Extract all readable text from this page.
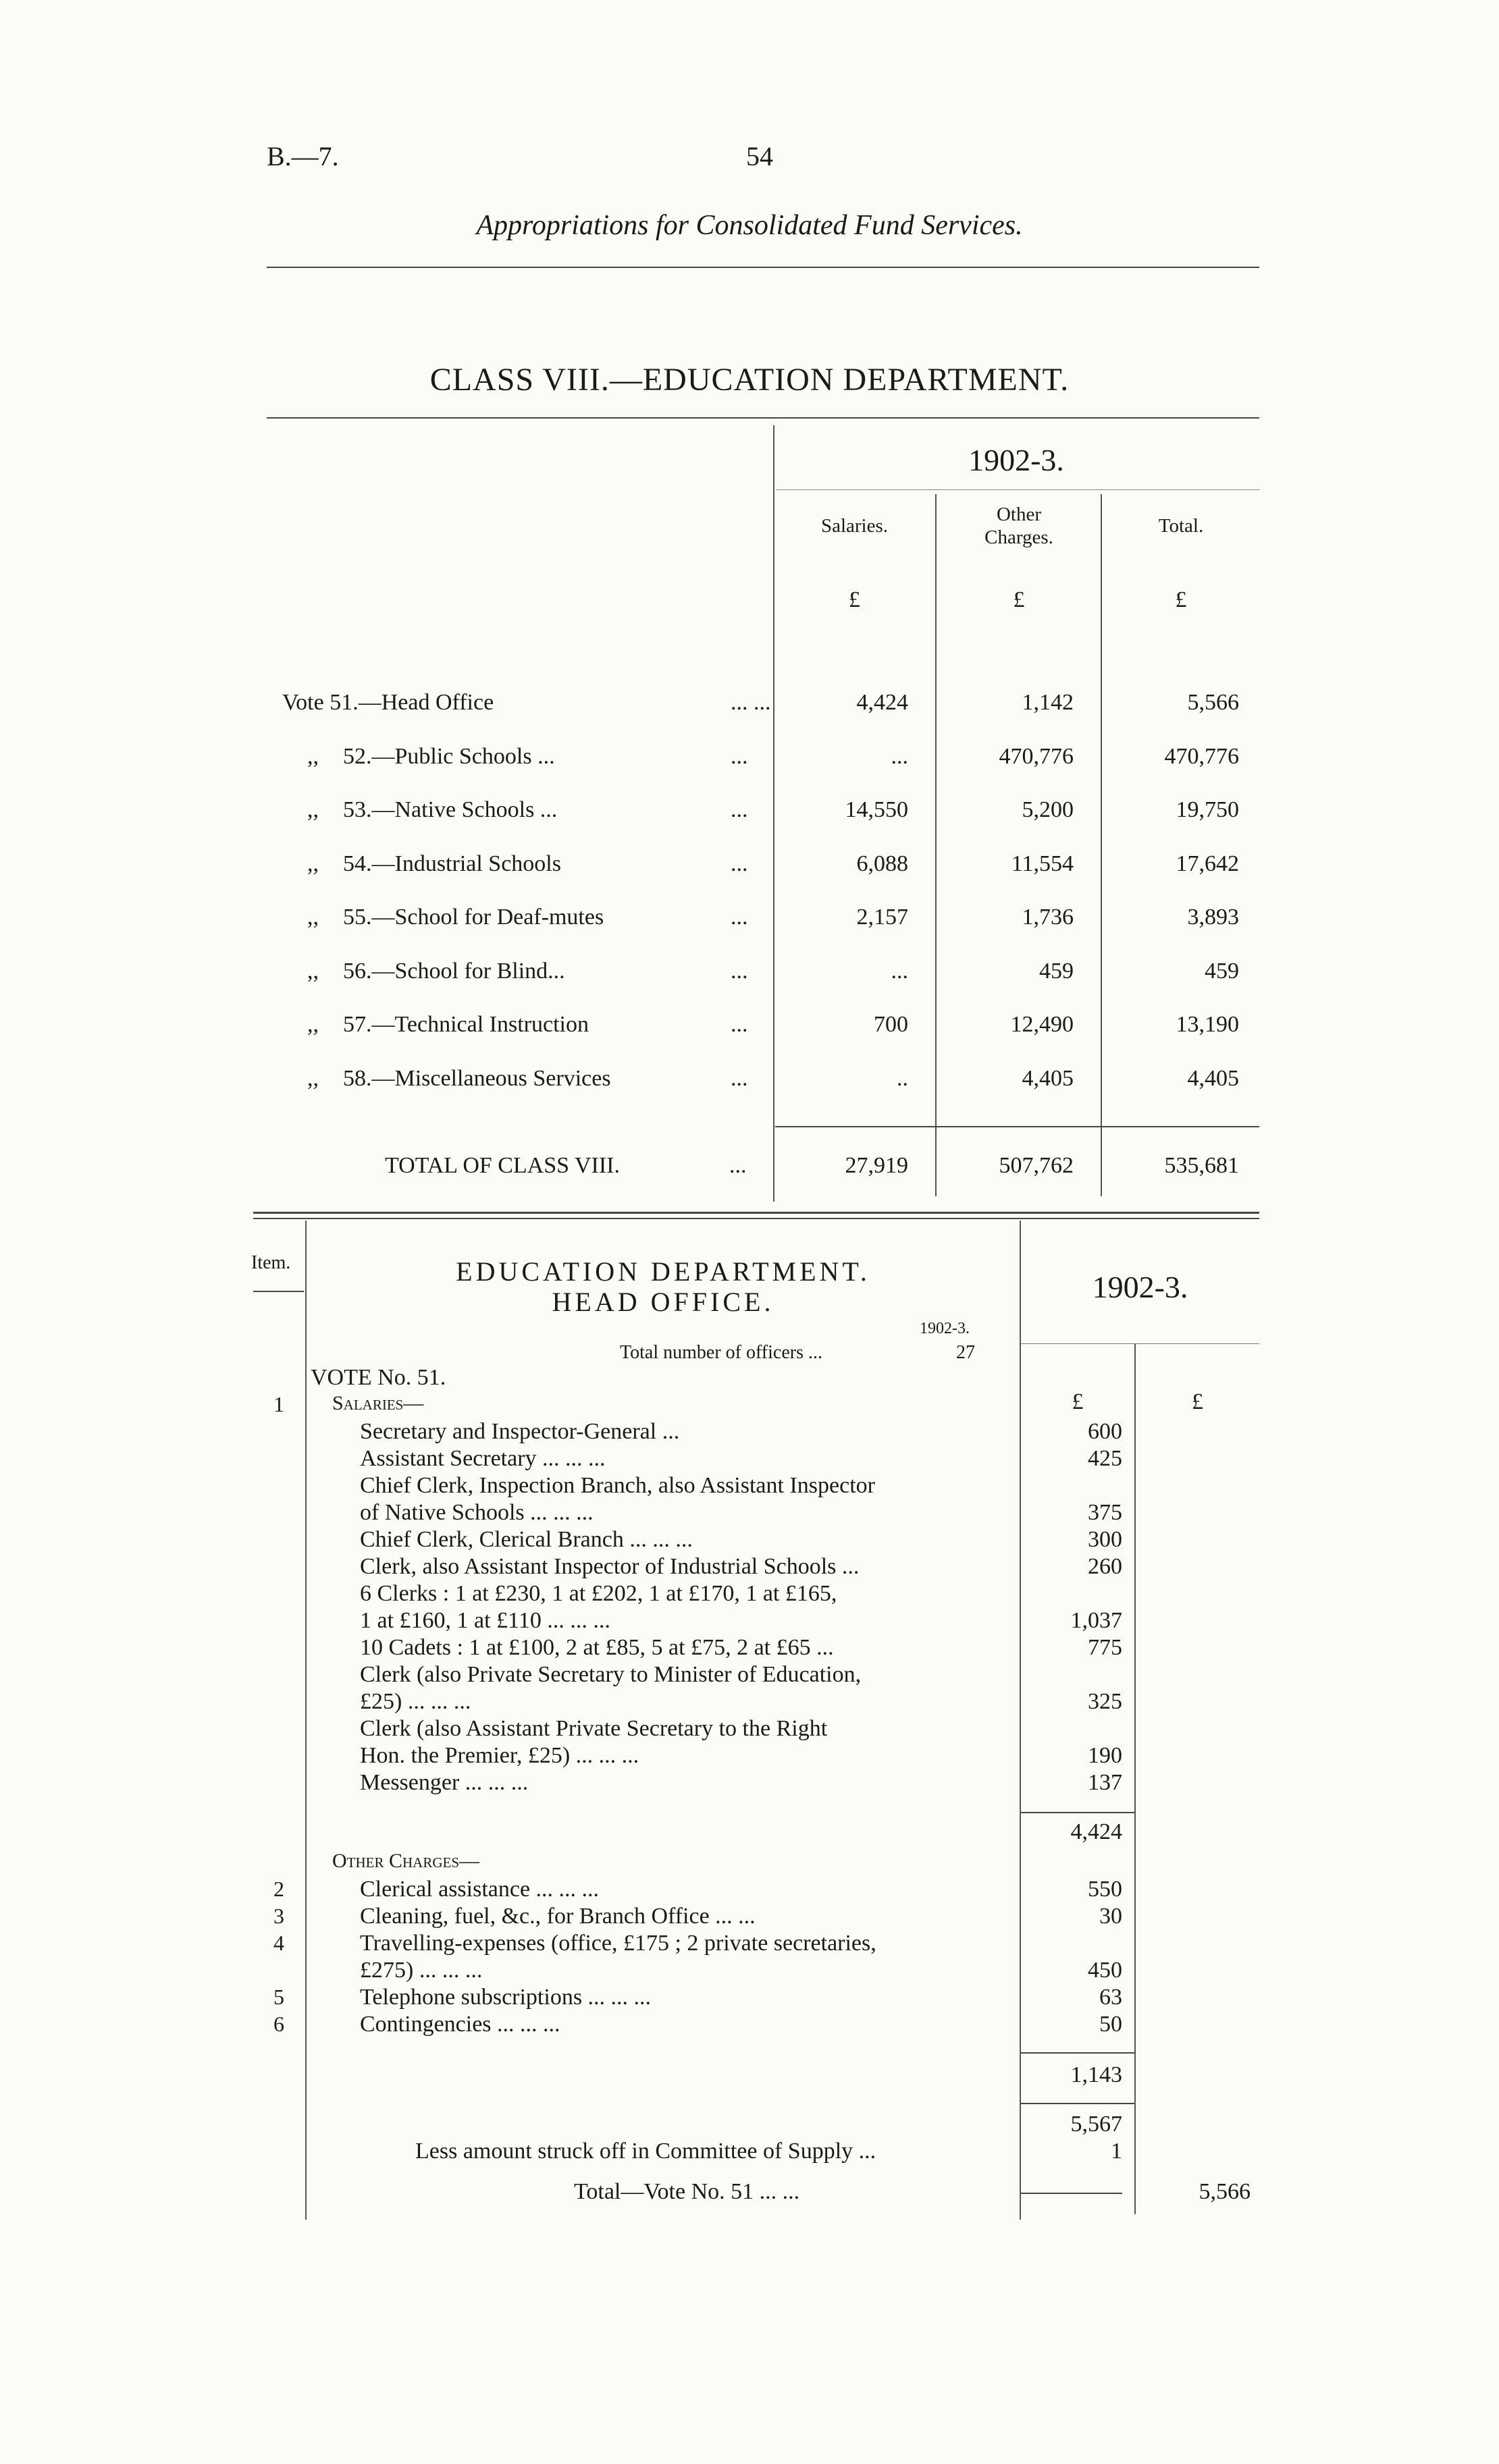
B.—7.	54
Appropriations for Consolidated Fund Services.
CLASS VIII.—EDUCATION DEPARTMENT.
1902-3.
Salaries.
Other
Charges.
Total.
£	£	£
Vote 51.—Head Office	... ...	4,424	1,142	5,566
,, 52.—Public Schools ...	...	...	470,776	470,776
,, 53.—Native Schools ...	...	14,550	5,200	19,750
,, 54.—Industrial Schools	...	6,088	11,554	17,642
,, 55.—School for Deaf-mutes	...	2,157	1,736	3,893
,, 56.—School for Blind...	...	...	459	459
,, 57.—Technical Instruction	...	700	12,490	13,190
,, 58.—Miscellaneous Services	...	..	4,405	4,405
TOTAL OF CLASS VIII.	...	27,919	507,762	535,681
Item.	EDUCATION DEPARTMENT.
HEAD OFFICE.	1902-3.
1902-3.
Total number of officers ...	27
VOTE No. 51.
£	£
Salaries—
1
Secretary and Inspector-General ...	600
Assistant Secretary ... ... ...	425
Chief Clerk, Inspection Branch, also Assistant Inspector
of Native Schools ... ... ...	375
Chief Clerk, Clerical Branch ... ... ...	300
Clerk, also Assistant Inspector of Industrial Schools ...	260
6 Clerks : 1 at £230, 1 at £202, 1 at £170, 1 at £165,
1 at £160, 1 at £110 ... ... ...	1,037
10 Cadets : 1 at £100, 2 at £85, 5 at £75, 2 at £65 ...	775
Clerk (also Private Secretary to Minister of Education,
£25) ... ... ...	325
Clerk (also Assistant Private Secretary to the Right
Hon. the Premier, £25) ... ... ...	190
Messenger ... ... ...	137
4,424
Other Charges—
2	Clerical assistance ... ... ...	550
3	Cleaning, fuel, &c., for Branch Office ... ...	30
4	Travelling-expenses (office, £175 ; 2 private secretaries,
£275) ... ... ...	450
5	Telephone subscriptions ... ... ...	63
6	Contingencies ... ... ...	50
1,143
5,567
Less amount struck off in Committee of Supply ...	1
Total—Vote No. 51 ... ...	5,566
